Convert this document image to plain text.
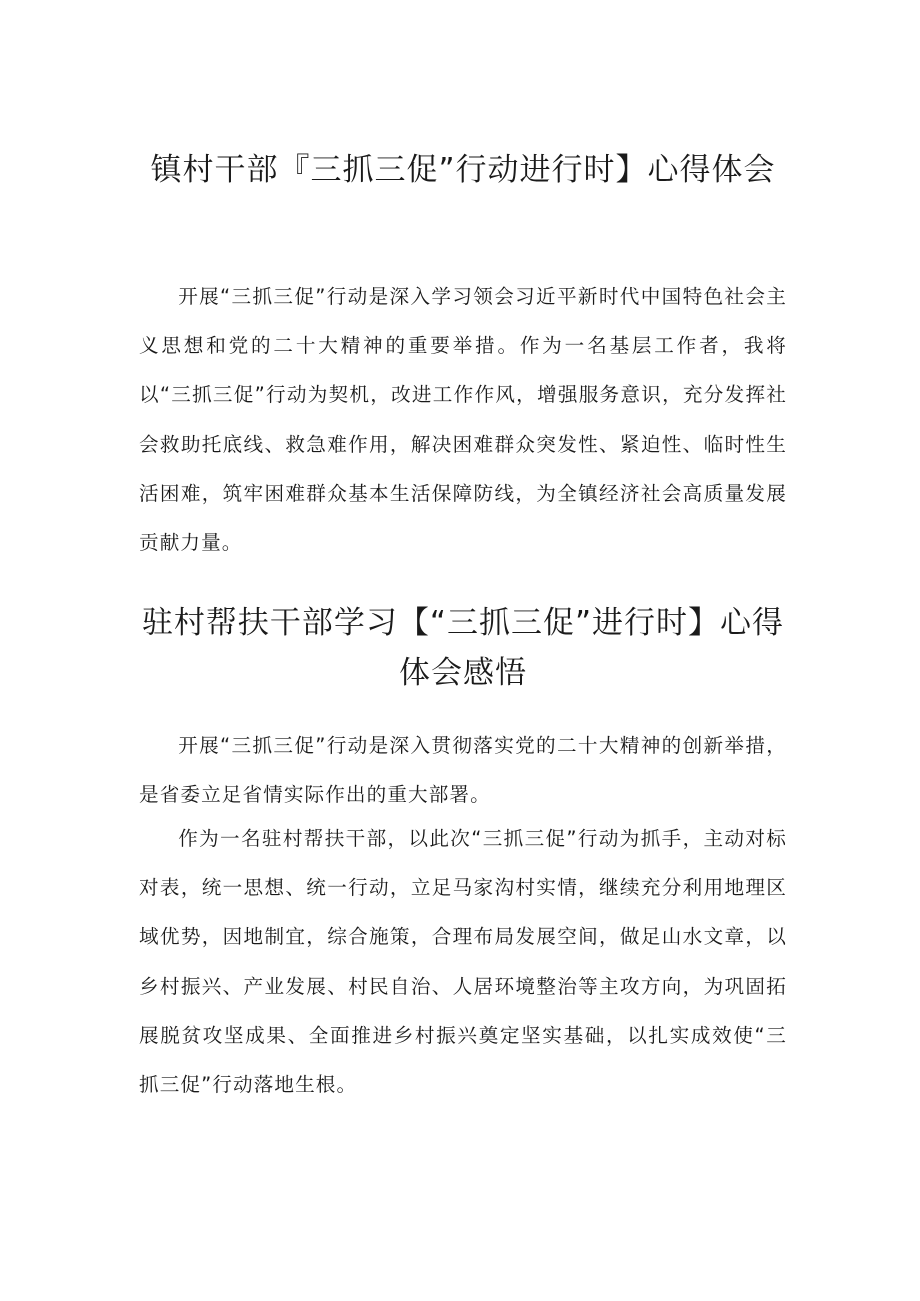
镇村干部『三抓三促”行动进行时】心得体会

开展“三抓三促”行动是深入学习领会习近平新时代中国特色社会主义思想和党的二十大精神的重要举措。作为一名基层工作者，我将以“三抓三促”行动为契机，改进工作作风，增强服务意识，充分发挥社会救助托底线、救急难作用，解决困难群众突发性、紧迫性、临时性生活困难，筑牢困难群众基本生活保障防线，为全镇经济社会高质量发展贡献力量。

驻村帮扶干部学习【“三抓三促”进行时】心得体会感悟

开展“三抓三促”行动是深入贯彻落实党的二十大精神的创新举措，是省委立足省情实际作出的重大部署。

作为一名驻村帮扶干部，以此次“三抓三促”行动为抓手，主动对标对表，统一思想、统一行动，立足马家沟村实情，继续充分利用地理区域优势，因地制宜，综合施策，合理布局发展空间，做足山水文章，以乡村振兴、产业发展、村民自治、人居环境整治等主攻方向，为巩固拓展脱贫攻坚成果、全面推进乡村振兴奠定坚实基础，以扎实成效使“三抓三促”行动落地生根。
